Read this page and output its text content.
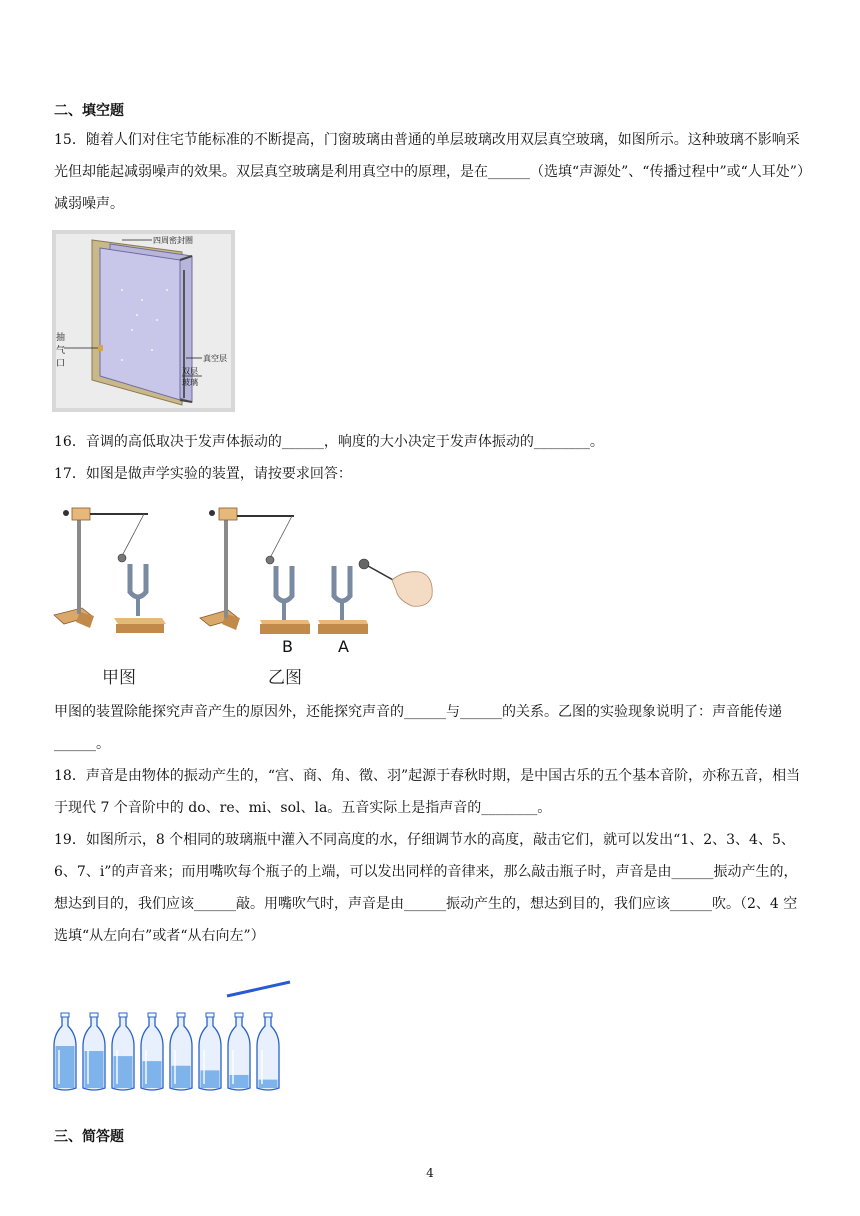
二、填空题

15．随着人们对住宅节能标准的不断提高，门窗玻璃由普通的单层玻璃改用双层真空玻璃，如图所示。这种玻璃不影响采光但却能起减弱噪声的效果。双层真空玻璃是利用真空中的原理，是在______（选填“声源处”、“传播过程中”或“人耳处”）减弱噪声。

四周密封圈
真空层
双层
玻璃
抽
气
口

16．音调的高低取决于发声体振动的______，响度的大小决定于发声体振动的________。

17．如图是做声学实验的装置，请按要求回答：

B	A
甲图	乙图

甲图的装置除能探究声音产生的原因外，还能探究声音的______与______的关系。乙图的实验现象说明了：声音能传递______。

18．声音是由物体的振动产生的，“宫、商、角、徵、羽”起源于春秋时期，是中国古乐的五个基本音阶，亦称五音，相当于现代 7 个音阶中的 do、re、mi、sol、la。五音实际上是指声音的________。

19．如图所示，8 个相同的玻璃瓶中灌入不同高度的水，仔细调节水的高度，敲击它们，就可以发出“1、2、3、4、5、6、7、i”的声音来；而用嘴吹每个瓶子的上端，可以发出同样的音律来，那么敲击瓶子时，声音是由______振动产生的，想达到目的，我们应该______敲。用嘴吹气时，声音是由______振动产生的，想达到目的，我们应该______吹。（2、4 空选填“从左向右”或者“从右向左”）

三、简答题
4
